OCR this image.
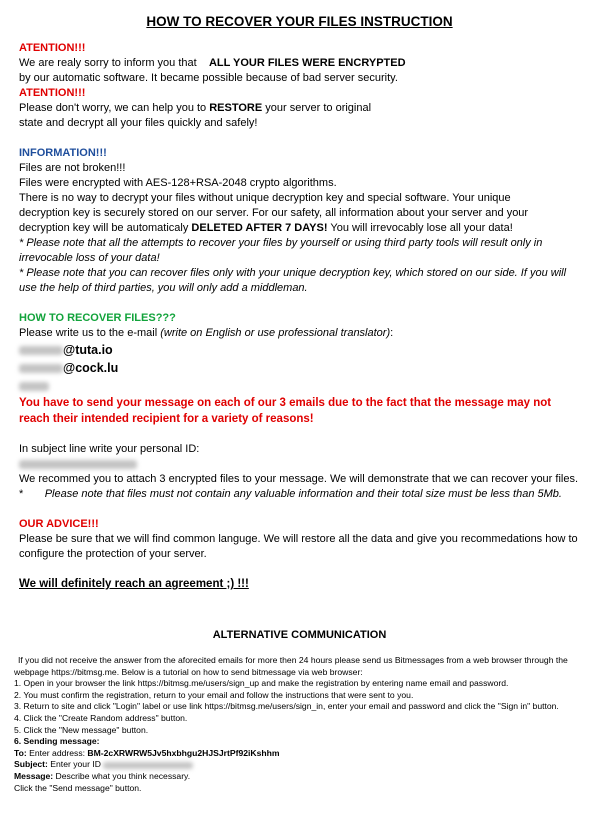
HOW TO RECOVER YOUR FILES INSTRUCTION

ATENTION!!!

We are realy sorry to inform you that ALL YOUR FILES WERE ENCRYPTED

by our automatic software. It became possible because of bad server security.

ATENTION!!!

Please don't worry, we can help you to RESTORE your server to original

state and decrypt all your files quickly and safely!

INFORMATION!!!

Files are not broken!!!

Files were encrypted with AES-128+RSA-2048 crypto algorithms.

There is no way to decrypt your files without unique decryption key and special software. Your unique

decryption key is securely stored on our server. For our safety, all information about your server and your

decryption key will be automaticaly DELETED AFTER 7 DAYS! You will irrevocably lose all your data!

* Please note that all the attempts to recover your files by yourself or using third party tools will result only in irrevocable loss of your data!

* Please note that you can recover files only with your unique decryption key, which stored on our side. If you will use the help of third parties, you will only add a middleman.

HOW TO RECOVER FILES???

Please write us to the e-mail (write on English or use professional translator):

@tuta.io

@cock.lu

You have to send your message on each of our 3 emails due to the fact that the message may not reach their intended recipient for a variety of reasons!

In subject line write your personal ID:

We recommed you to attach 3 encrypted files to your message. We will demonstrate that we can recover your files.

* Please note that files must not contain any valuable information and their total size must be less than 5Mb.

OUR ADVICE!!!

Please be sure that we will find common languge. We will restore all the data and give you recommedations how to configure the protection of your server.

We will definitely reach an agreement ;) !!!

ALTERNATIVE COMMUNICATION

If you did not receive the answer from the aforecited emails for more then 24 hours please send us Bitmessages from a web browser through the webpage https://bitmsg.me. Below is a tutorial on how to send bitmessage via web browser:

1. Open in your browser the link https://bitmsg.me/users/sign_up and make the registration by entering name email and password.

2. You must confirm the registration, return to your email and follow the instructions that were sent to you.

3. Return to site and click "Login" label or use link https://bitmsg.me/users/sign_in, enter your email and password and click the "Sign in" button.

4. Click the "Create Random address" button.

5. Click the "New message" button.

6. Sending message:

To: Enter address: BM-2cXRWRW5Jv5hxbhgu2HJSJrtPf92iKshhm

Subject: Enter your ID

Message: Describe what you think necessary.

Click the "Send message" button.
